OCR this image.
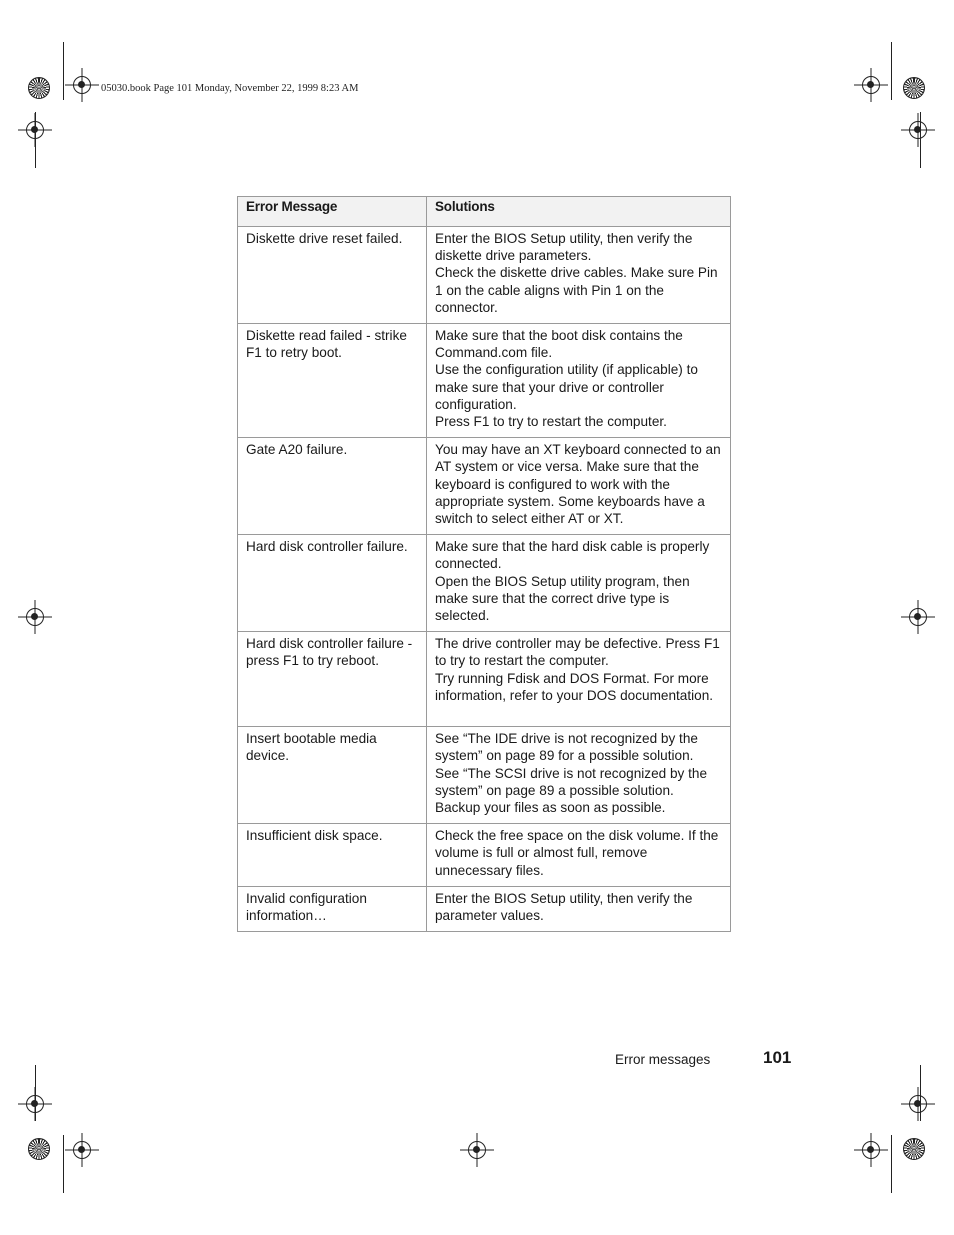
05030.book Page 101 Monday, November 22, 1999 8:23 AM
Error Message	Solutions
Diskette drive reset failed.	Enter the BIOS Setup utility, then verify the diskette drive parameters.
Check the diskette drive cables. Make sure Pin 1 on the cable aligns with Pin 1 on the connector.

Diskette read failed - strike F1 to retry boot.	Make sure that the boot disk contains the Command.com file.
Use the configuration utility (if applicable) to make sure that your drive or controller configuration.
Press F1 to try to restart the computer.

Gate A20 failure.	You may have an XT keyboard connected to an AT system or vice versa. Make sure that the keyboard is configured to work with the appropriate system. Some keyboards have a switch to select either AT or XT.

Hard disk controller failure.	Make sure that the hard disk cable is properly connected.
Open the BIOS Setup utility program, then make sure that the correct drive type is selected.

Hard disk controller failure - press F1 to try reboot.	The drive controller may be defective. Press F1 to try to restart the computer.
Try running Fdisk and DOS Format. For more information, refer to your DOS documentation.

Insert bootable media device.	See “The IDE drive is not recognized by the system” on page 89 for a possible solution.
See “The SCSI drive is not recognized by the system” on page 89 a possible solution.
Backup your files as soon as possible.

Insufficient disk space.	Check the free space on the disk volume. If the volume is full or almost full, remove unnecessary files.

Invalid configuration information…	Enter the BIOS Setup utility, then verify the parameter values.
Error messages	101
